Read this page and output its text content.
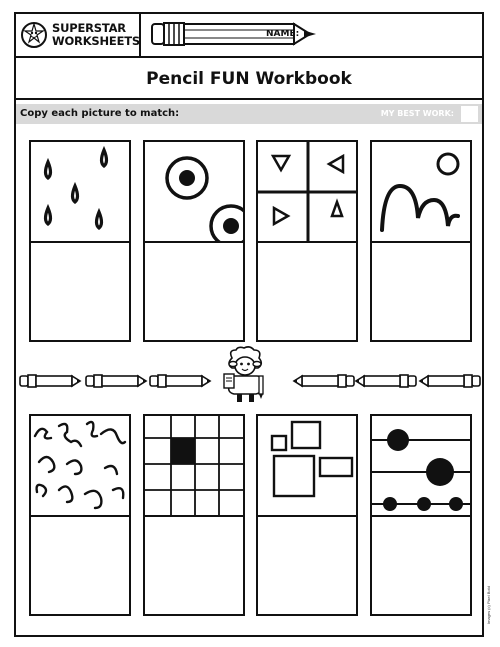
SUPERSTAR
WORKSHEETS	NAME:
Pencil FUN Workbook
Copy each picture to match:	MY BEST WORK:
Images (c) Pixel Bold
